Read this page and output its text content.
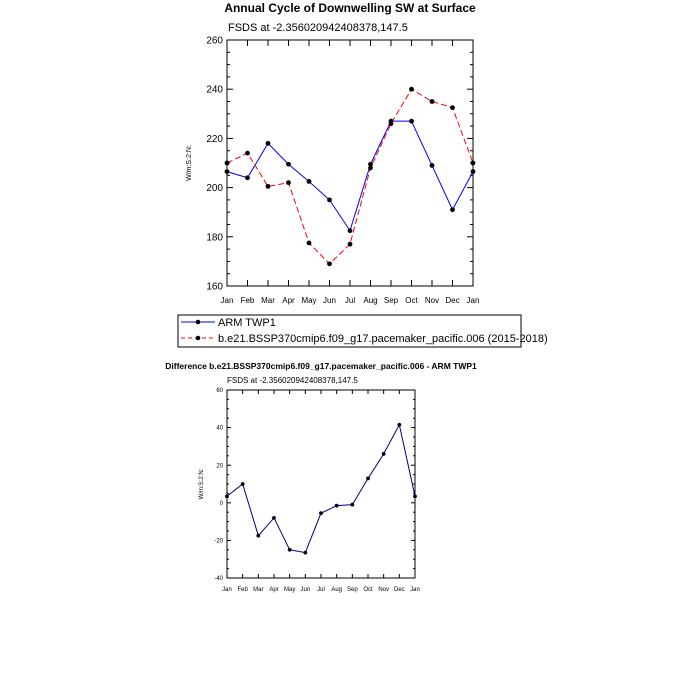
Annual Cycle of Downwelling SW at Surface
FSDS at -2.356020942408378,147.5
W/m:S:2:N:
160
180
200
220
240
260
Jan Feb Mar Apr May Jun Jul Aug Sep Oct Nov Dec Jan
ARM TWP1
b.e21.BSSP370cmip6.f09_g17.pacemaker_pacific.006 (2015-2018)
Difference b.e21.BSSP370cmip6.f09_g17.pacemaker_pacific.006 - ARM TWP1
FSDS at -2.356020942408378,147.5
W/m:S:2:N:
-40
-20
0
20
40
60
Jan Feb Mar Apr May Jun Jul Aug Sep Oct Nov Dec Jan
